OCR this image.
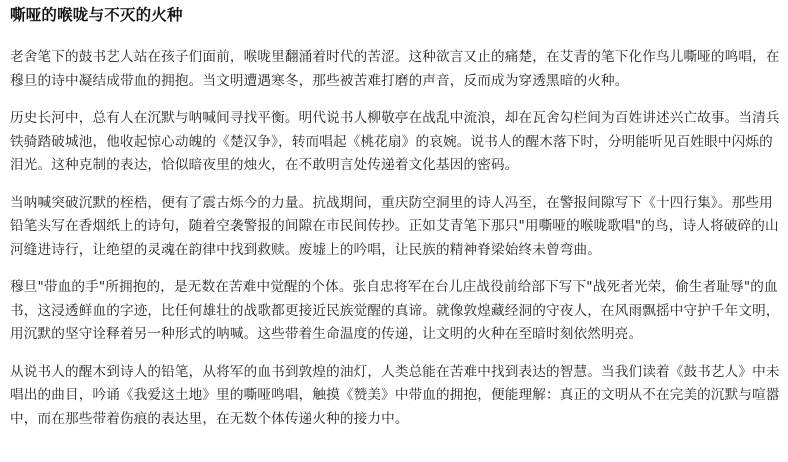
嘶哑的喉咙与不灭的火种

老舍笔下的鼓书艺人站在孩子们面前，喉咙里翻涌着时代的苦涩。这种欲言又止的痛楚，在艾青的笔下化作鸟儿嘶哑的鸣唱，在穆旦的诗中凝结成带血的拥抱。当文明遭遇寒冬，那些被苦难打磨的声音，反而成为穿透黑暗的火种。

历史长河中，总有人在沉默与呐喊间寻找平衡。明代说书人柳敬亭在战乱中流浪，却在瓦舍勾栏间为百姓讲述兴亡故事。当清兵铁骑踏破城池，他收起惊心动魄的《楚汉争》，转而唱起《桃花扇》的哀婉。说书人的醒木落下时，分明能听见百姓眼中闪烁的泪光。这种克制的表达，恰似暗夜里的烛火，在不敢明言处传递着文化基因的密码。

当呐喊突破沉默的桎梏，便有了震古烁今的力量。抗战期间，重庆防空洞里的诗人冯至，在警报间隙写下《十四行集》。那些用铅笔头写在香烟纸上的诗句，随着空袭警报的间隙在市民间传抄。正如艾青笔下那只"用嘶哑的喉咙歌唱"的鸟，诗人将破碎的山河缝进诗行，让绝望的灵魂在韵律中找到救赎。废墟上的吟唱，让民族的精神脊梁始终未曾弯曲。

穆旦"带血的手"所拥抱的，是无数在苦难中觉醒的个体。张自忠将军在台儿庄战役前给部下写下"战死者光荣，偷生者耻辱"的血书，这浸透鲜血的字迹，比任何雄壮的战歌都更接近民族觉醒的真谛。就像敦煌藏经洞的守夜人，在风雨飘摇中守护千年文明，用沉默的坚守诠释着另一种形式的呐喊。这些带着生命温度的传递，让文明的火种在至暗时刻依然明亮。

从说书人的醒木到诗人的铅笔，从将军的血书到敦煌的油灯，人类总能在苦难中找到表达的智慧。当我们读着《鼓书艺人》中未唱出的曲目，吟诵《我爱这土地》里的嘶哑鸣唱，触摸《赞美》中带血的拥抱，便能理解：真正的文明从不在完美的沉默与喧嚣中，而在那些带着伤痕的表达里，在无数个体传递火种的接力中。
